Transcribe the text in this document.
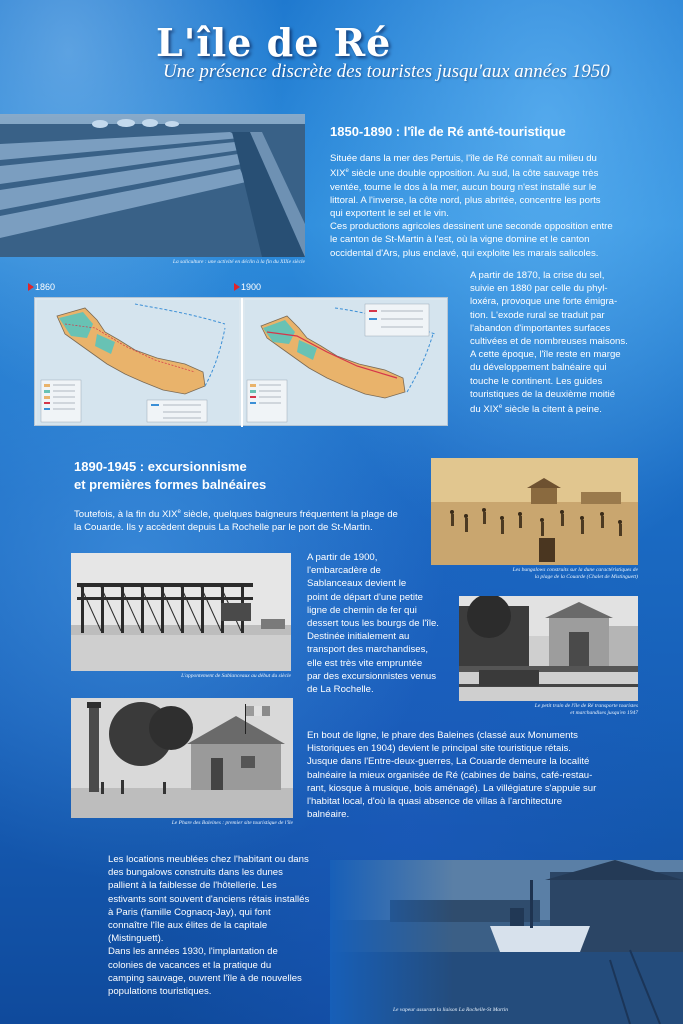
L'île de Ré
Une présence discrète des touristes jusqu'aux années 1950
La saliculture : une activité en déclin à la fin du XIXe siècle
1850-1890 : l'île de Ré anté-touristique
Située dans la mer des Pertuis, l'île de Ré connaît au milieu du
XIXe siècle une double opposition. Au sud, la côte sauvage très
ventée, tourne le dos à la mer, aucun bourg n'est installé sur le
littoral. A l'inverse, la côte nord, plus abritée, concentre les ports
qui exportent le sel et le vin.
Ces productions agricoles dessinent une seconde opposition entre
le canton de St-Martin à l'est, où la vigne domine et le canton
occidental d'Ars, plus enclavé, qui exploite les marais salicoles.
1860	1900
A partir de 1870, la crise du sel,
suivie en 1880 par celle du phyl-
loxéra, provoque une forte émigra-
tion. L'exode rural se traduit par
l'abandon d'importantes surfaces
cultivées et de nombreuses maisons.
A cette époque, l'île reste en marge
du développement balnéaire qui
touche le continent. Les guides
touristiques de la deuxième moitié
du XIXe siècle la citent à peine.
1890-1945 : excursionnisme
et premières formes balnéaires
Toutefois, à la fin du XIXe siècle, quelques baigneurs fréquentent la plage de
la Couarde. Ils y accèdent depuis La Rochelle par le port de St-Martin.
Les bungalows construits sur la dune caractéristiques de
la plage de la Couarde (Chalet de Mistinguett)
L'appontement de Sablanceaux au début du siècle
A partir de 1900,
l'embarcadère de
Sablanceaux devient le
point de départ d'une petite
ligne de chemin de fer qui
dessert tous les bourgs de l'île.
Destinée initialement au
transport des marchandises,
elle est très vite empruntée
par des excursionnistes venus
de La Rochelle.
Le petit train de l'île de Ré transporte touristes
et marchandises jusqu'en 1947
Le Phare des Baleines : premier site touristique de l'île
En bout de ligne, le phare des Baleines (classé aux Monuments
Historiques en 1904) devient le principal site touristique rétais.
Jusque dans l'Entre-deux-guerres, La Couarde demeure la localité
balnéaire la mieux organisée de Ré (cabines de bains, café-restau-
rant, kiosque à musique, bois aménagé). La villégiature s'appuie sur
l'habitat local, d'où la quasi absence de villas à l'architecture
balnéaire.
Le vapeur assurant la liaison La Rochelle-St Martin
Les locations meublées chez l'habitant ou dans
des bungalows construits dans les dunes
pallient à la faiblesse de l'hôtellerie. Les
estivants sont souvent d'anciens rétais installés
à Paris (famille Cognacq-Jay), qui font
connaître l'île aux élites de la capitale
(Mistinguett).
Dans les années 1930, l'implantation de
colonies de vacances et la pratique du
camping sauvage, ouvrent l'île à de nouvelles
populations touristiques.
